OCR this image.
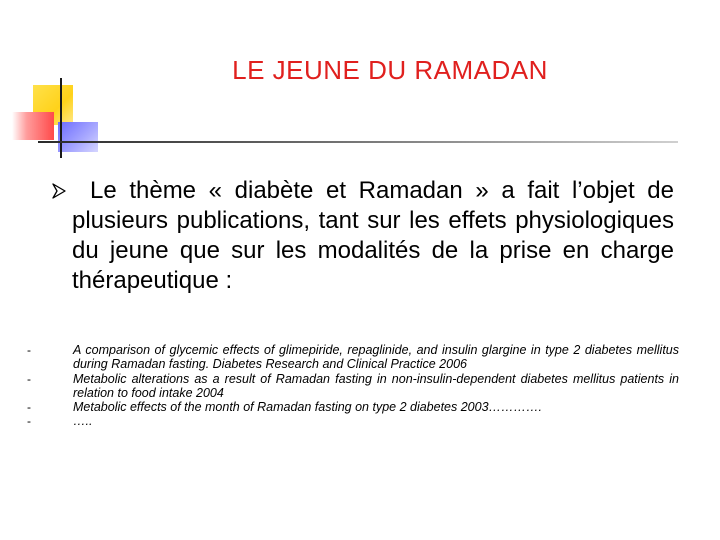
LE JEUNE DU RAMADAN

Le thème « diabète et Ramadan » a fait l’objet de plusieurs publications, tant sur les effets physiologiques du jeune que sur les modalités de la prise en charge thérapeutique :

-	A comparison of glycemic effects of glimepiride, repaglinide, and insulin glargine in type 2 diabetes mellitus during Ramadan fasting. Diabetes Research and Clinical Practice 2006
-	Metabolic alterations as a result of Ramadan fasting in non-insulin-dependent diabetes mellitus patients in relation to food intake 2004
-	Metabolic effects of the month of Ramadan fasting on type 2 diabetes 2003………….
-	…..
